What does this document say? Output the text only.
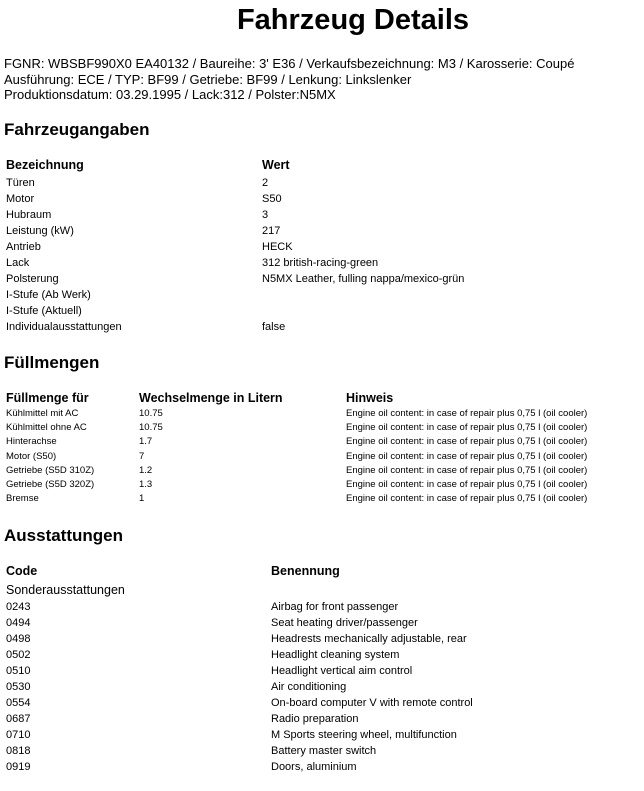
Fahrzeug Details
FGNR: WBSBF990X0 EA40132 / Baureihe: 3' E36 / Verkaufsbezeichnung: M3 / Karosserie: Coupé
Ausführung: ECE / TYP: BF99 / Getriebe: BF99 / Lenkung: Linkslenker
Produktionsdatum: 03.29.1995 / Lack:312 / Polster:N5MX
Fahrzeugangaben
Bezeichnung	Wert
Türen	2
Motor	S50
Hubraum	3
Leistung (kW)	217
Antrieb	HECK
Lack	312 british-racing-green
Polsterung	N5MX Leather, fulling nappa/mexico-grün
I-Stufe (Ab Werk)	
I-Stufe (Aktuell)	
Individualausstattungen	false
Füllmengen
Füllmenge für	Wechselmenge in Litern	Hinweis
Kühlmittel mit AC	10.75	Engine oil content: in case of repair plus 0,75 l (oil cooler)
Kühlmittel ohne AC	10.75	Engine oil content: in case of repair plus 0,75 l (oil cooler)
Hinterachse	1.7	Engine oil content: in case of repair plus 0,75 l (oil cooler)
Motor (S50)	7	Engine oil content: in case of repair plus 0,75 l (oil cooler)
Getriebe (S5D 310Z)	1.2	Engine oil content: in case of repair plus 0,75 l (oil cooler)
Getriebe (S5D 320Z)	1.3	Engine oil content: in case of repair plus 0,75 l (oil cooler)
Bremse	1	Engine oil content: in case of repair plus 0,75 l (oil cooler)
Ausstattungen
Code	Benennung
Sonderausstattungen	
0243	Airbag for front passenger
0494	Seat heating driver/passenger
0498	Headrests mechanically adjustable, rear
0502	Headlight cleaning system
0510	Headlight vertical aim control
0530	Air conditioning
0554	On-board computer V with remote control
0687	Radio preparation
0710	M Sports steering wheel, multifunction
0818	Battery master switch
0919	Doors, aluminium
